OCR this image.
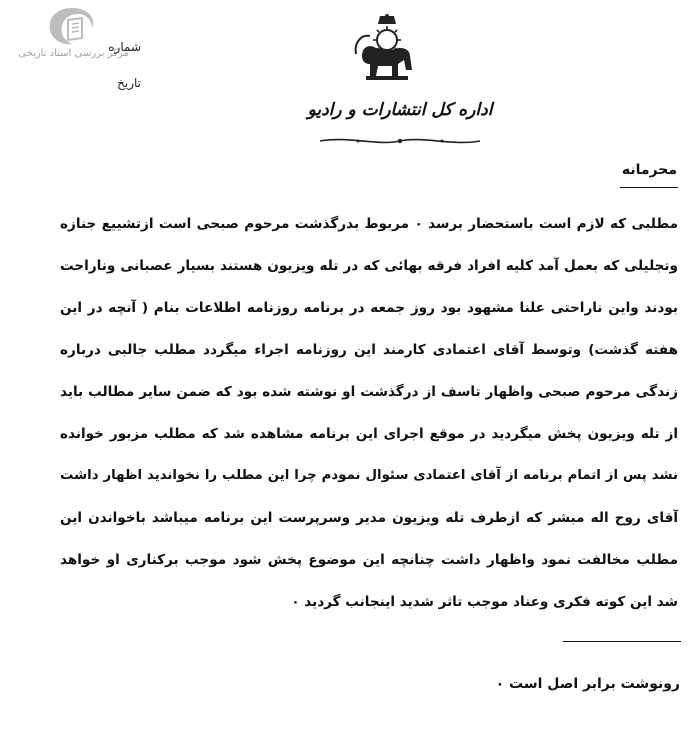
مرکز بررسی اسناد تاریخی
شماره
تاریخ
اداره کل انتشارات و رادیو
محرمانه
مطلبی که لازم است باستحضار برسد ۰ مربوط بدرگذشت مرحوم صبحی است ازتشییع جنازه
وتجلیلی که بعمل آمد کلیه افراد فرقه بهائی که در تله ویزیون هستند بسیار عصبانی وناراحت
بودند واین ناراحتی علنا مشهود بود روز جمعه در برنامه روزنامه اطلاعات بنام ( آنچه در این
هفته گذشت) وتوسط آقای اعتمادی کارمند این روزنامه اجراء میگردد مطلب جالبی درباره
زندگی مرحوم صبحی واظهار تاسف از درگذشت او نوشته شده بود که ضمن سایر مطالب باید
از تله ویزیون پخش میگردید در موقع اجرای این برنامه مشاهده شد که مطلب مزبور خوانده
نشد پس از اتمام برنامه از آقای اعتمادی سئوال نمودم چرا این مطلب را نخواندید اظهار داشت
آقای روح اله مبشر که ازطرف تله ویزیون مدیر وسرپرست این برنامه میباشد باخواندن این
مطلب مخالفت نمود واظهار داشت چنانچه این موضوع پخش شود موجب برکناری او خواهد
شد این کوته فکری وعناد موجب تاثر شدید اینجانب گردید ۰
رونوشت برابر اصل است ۰
